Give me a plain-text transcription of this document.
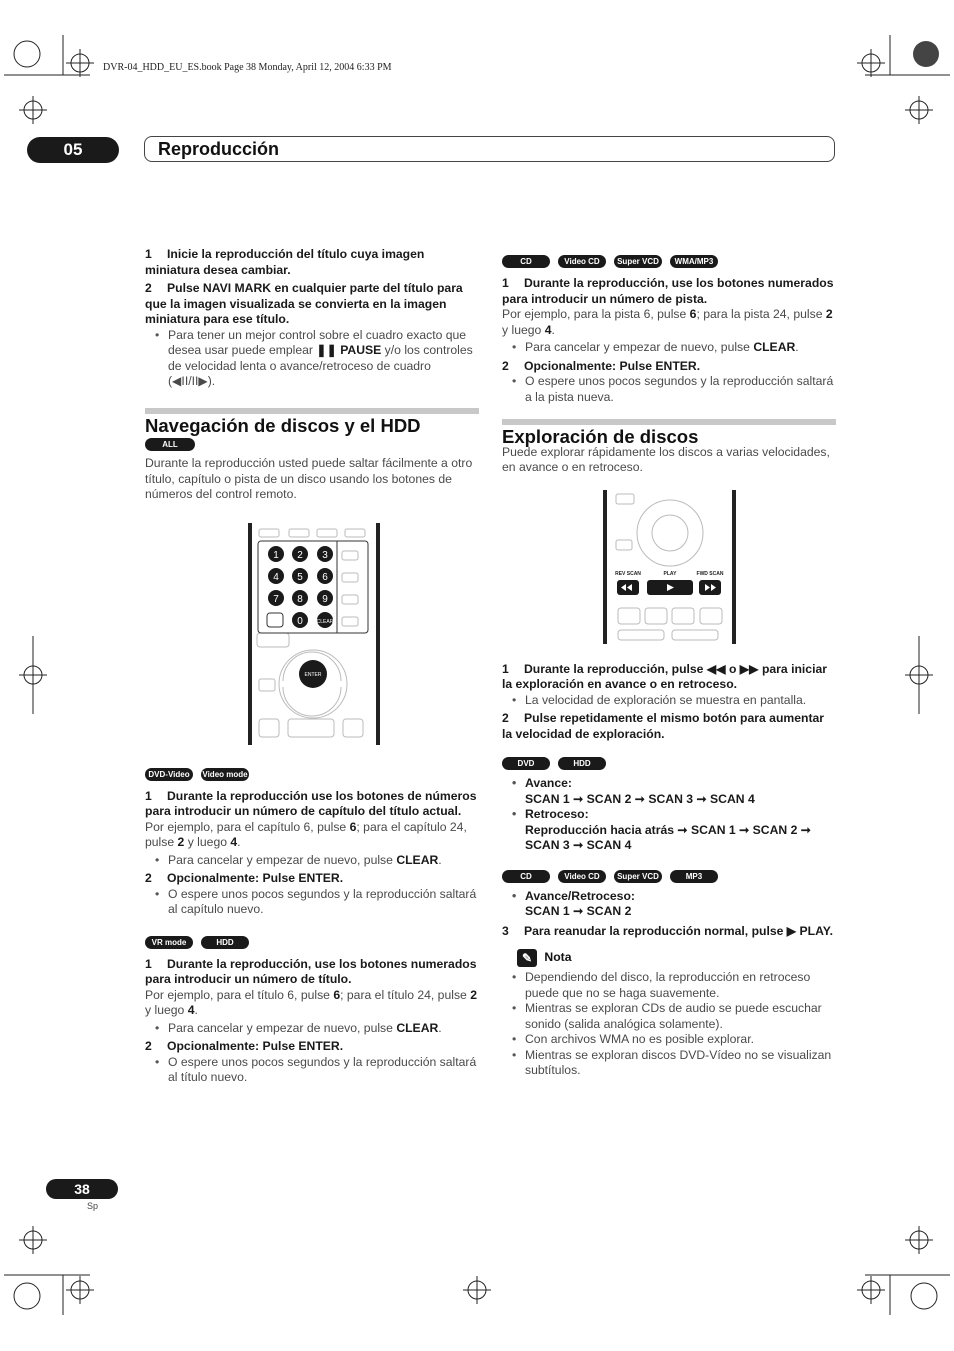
DVR-04_HDD_EU_ES.book Page 38 Monday, April 12, 2004 6:33 PM
05	Reproducción

1 Inicie la reproducción del título cuya imagen miniatura desea cambiar.

2 Pulse NAVI MARK en cualquier parte del título para que la imagen visualizada se convierta en la imagen miniatura para ese título.

• Para tener un mejor control sobre el cuadro exacto que desea usar puede emplear ❚❚ PAUSE y/o los controles de velocidad lenta o avance/retroceso de cuadro (◀II/II▶).

Navegación de discos y el HDD
ALL

Durante la reproducción usted puede saltar fácilmente a otro título, capítulo o pista de un disco usando los botones de números del control remoto.

1 2 3
4 5 6
7 8 9
0	CLEAR
ENTER
DVD-Video Video mode

1 Durante la reproducción use los botones de números para introducir un número de capítulo del título actual.

Por ejemplo, para el capítulo 6, pulse 6; para el capítulo 24, pulse 2 y luego 4.

• Para cancelar y empezar de nuevo, pulse CLEAR.

2 Opcionalmente: Pulse ENTER.

• O espere unos pocos segundos y la reproducción saltará al capítulo nuevo.

VR mode	HDD

1 Durante la reproducción, use los botones numerados para introducir un número de título.

Por ejemplo, para el título 6, pulse 6; para el título 24, pulse 2 y luego 4.

• Para cancelar y empezar de nuevo, pulse CLEAR.

2 Opcionalmente: Pulse ENTER.

• O espere unos pocos segundos y la reproducción saltará al título nuevo.

CD	Video CD Super VCD WMA/MP3

1 Durante la reproducción, use los botones numerados para introducir un número de pista.

Por ejemplo, para la pista 6, pulse 6; para la pista 24, pulse 2 y luego 4.

• Para cancelar y empezar de nuevo, pulse CLEAR.

2 Opcionalmente: Pulse ENTER.

• O espere unos pocos segundos y la reproducción saltará a la pista nueva.

Exploración de discos

Puede explorar rápidamente los discos a varias velocidades, en avance o en retroceso.

REV SCAN	PLAY	FWD SCAN

1 Durante la reproducción, pulse ◀◀ o ▶▶ para iniciar la exploración en avance o en retroceso.

• La velocidad de exploración se muestra en pantalla.

2 Pulse repetidamente el mismo botón para aumentar la velocidad de exploración.

DVD	HDD

• Avance:
SCAN 1 ➞ SCAN 2 ➞ SCAN 3 ➞ SCAN 4

• Retroceso:
Reproducción hacia atrás ➞ SCAN 1 ➞ SCAN 2 ➞ SCAN 3 ➞ SCAN 4

CD	Video CD Super VCD	MP3

• Avance/Retroceso:
SCAN 1 ➞ SCAN 2

3 Para reanudar la reproducción normal, pulse ▶ PLAY.

✎ Nota

• Dependiendo del disco, la reproducción en retroceso puede que no se haga suavemente.

• Mientras se exploran CDs de audio se puede escuchar sonido (salida analógica solamente).

• Con archivos WMA no es posible explorar.

• Mientras se exploran discos DVD-Vídeo no se visualizan subtítulos.

38
Sp
